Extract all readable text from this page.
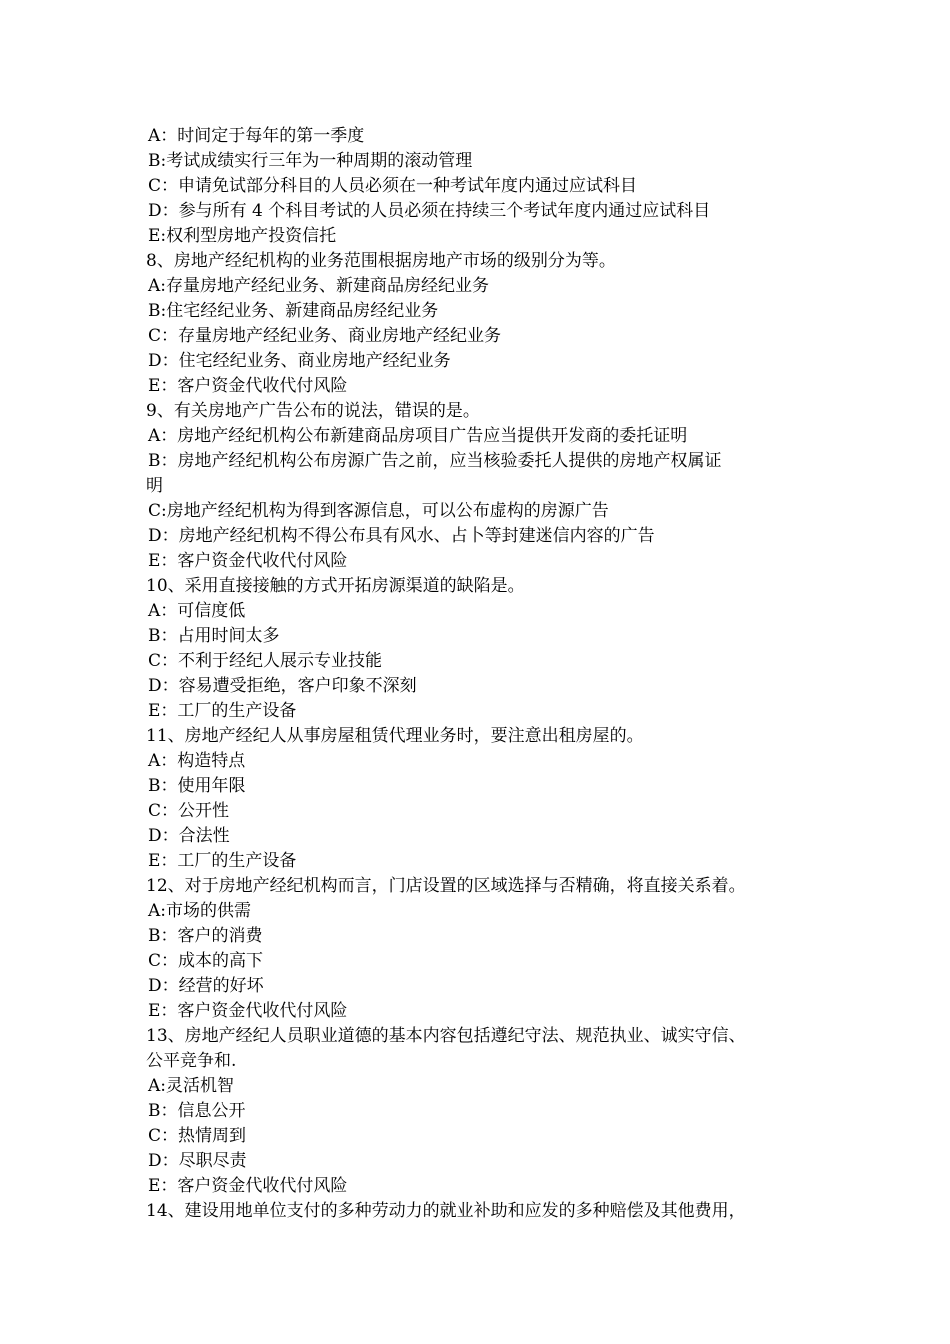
A：时间定于每年的第一季度
B:考试成绩实行三年为一种周期的滚动管理
C：申请免试部分科目的人员必须在一种考试年度内通过应试科目
D：参与所有 4 个科目考试的人员必须在持续三个考试年度内通过应试科目
E:权利型房地产投资信托
8、房地产经纪机构的业务范围根据房地产市场的级别分为等。
A:存量房地产经纪业务、新建商品房经纪业务
B:住宅经纪业务、新建商品房经纪业务
C：存量房地产经纪业务、商业房地产经纪业务
D：住宅经纪业务、商业房地产经纪业务
E：客户资金代收代付风险
9、有关房地产广告公布的说法，错误的是。
A：房地产经纪机构公布新建商品房项目广告应当提供开发商的委托证明
B：房地产经纪机构公布房源广告之前，应当核验委托人提供的房地产权属证
明
C:房地产经纪机构为得到客源信息，可以公布虚构的房源广告
D：房地产经纪机构不得公布具有风水、占卜等封建迷信内容的广告
E：客户资金代收代付风险
10、采用直接接触的方式开拓房源渠道的缺陷是。
A：可信度低
B：占用时间太多
C：不利于经纪人展示专业技能
D：容易遭受拒绝，客户印象不深刻
E：工厂的生产设备
11、房地产经纪人从事房屋租赁代理业务时，要注意出租房屋的。
A：构造特点
B：使用年限
C：公开性
D：合法性
E：工厂的生产设备
12、对于房地产经纪机构而言，门店设置的区域选择与否精确，将直接关系着。
A:市场的供需
B：客户的消费
C：成本的高下
D：经营的好坏
E：客户资金代收代付风险
13、房地产经纪人员职业道德的基本内容包括遵纪守法、规范执业、诚实守信、
公平竞争和.
A:灵活机智
B：信息公开
C：热情周到
D：尽职尽责
E：客户资金代收代付风险
14、建设用地单位支付的多种劳动力的就业补助和应发的多种赔偿及其他费用，
